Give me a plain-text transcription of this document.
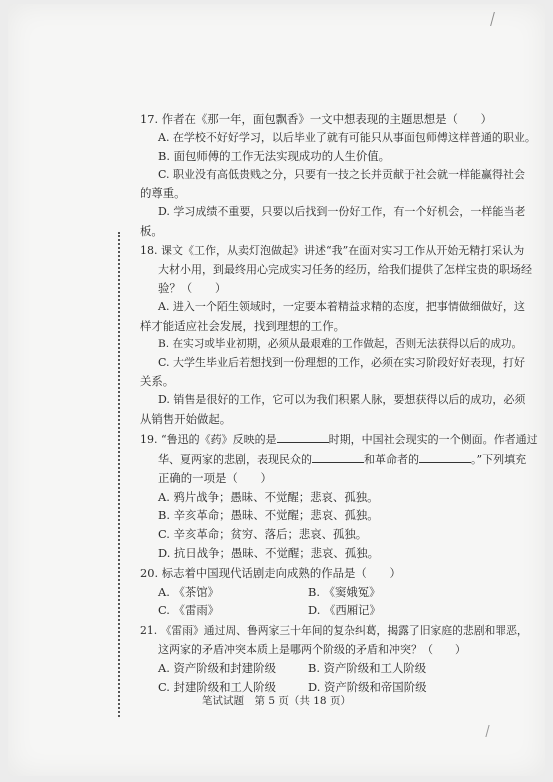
17. 作者在《那一年，面包飘香》一文中想表现的主题思想是（　　）
A. 在学校不好好学习，以后毕业了就有可能只从事面包师傅这样普通的职业。
B. 面包师傅的工作无法实现成功的人生价值。
C. 职业没有高低贵贱之分，只要有一技之长并贡献于社会就一样能赢得社会
的尊重。
D. 学习成绩不重要，只要以后找到一份好工作，有一个好机会，一样能当老
板。
18. 课文《工作，从卖灯泡做起》讲述“我”在面对实习工作从开始无精打采认为
大材小用，到最终用心完成实习任务的经历，给我们提供了怎样宝贵的职场经
验？（　　）
A. 进入一个陌生领域时，一定要本着精益求精的态度，把事情做细做好，这
样才能适应社会发展，找到理想的工作。
B. 在实习或毕业初期，必须从最艰难的工作做起，否则无法获得以后的成功。
C. 大学生毕业后若想找到一份理想的工作，必须在实习阶段好好表现，打好
关系。
D. 销售是很好的工作，它可以为我们积累人脉，要想获得以后的成功，必须
从销售开始做起。
19. “鲁迅的《药》反映的是	时期，中国社会现实的一个侧面。作者通过
华、夏两家的悲剧，表现民众的	和革命者的	。”下列填充
正确的一项是（　　）
A. 鸦片战争；愚昧、不觉醒；悲哀、孤独。
B. 辛亥革命；愚昧、不觉醒；悲哀、孤独。
C. 辛亥革命；贫穷、落后；悲哀、孤独。
D. 抗日战争；愚昧、不觉醒；悲哀、孤独。
20. 标志着中国现代话剧走向成熟的作品是（　　）
A. 《茶馆》	B. 《窦娥冤》
C. 《雷雨》	D. 《西厢记》
21. 《雷雨》通过周、鲁两家三十年间的复杂纠葛，揭露了旧家庭的悲剧和罪恶，
这两家的矛盾冲突本质上是哪两个阶级的矛盾和冲突？（　　）
A. 资产阶级和封建阶级	B. 资产阶级和工人阶级
C. 封建阶级和工人阶级	D. 资产阶级和帝国阶级
笔试试题　第 5 页（共 18 页）
